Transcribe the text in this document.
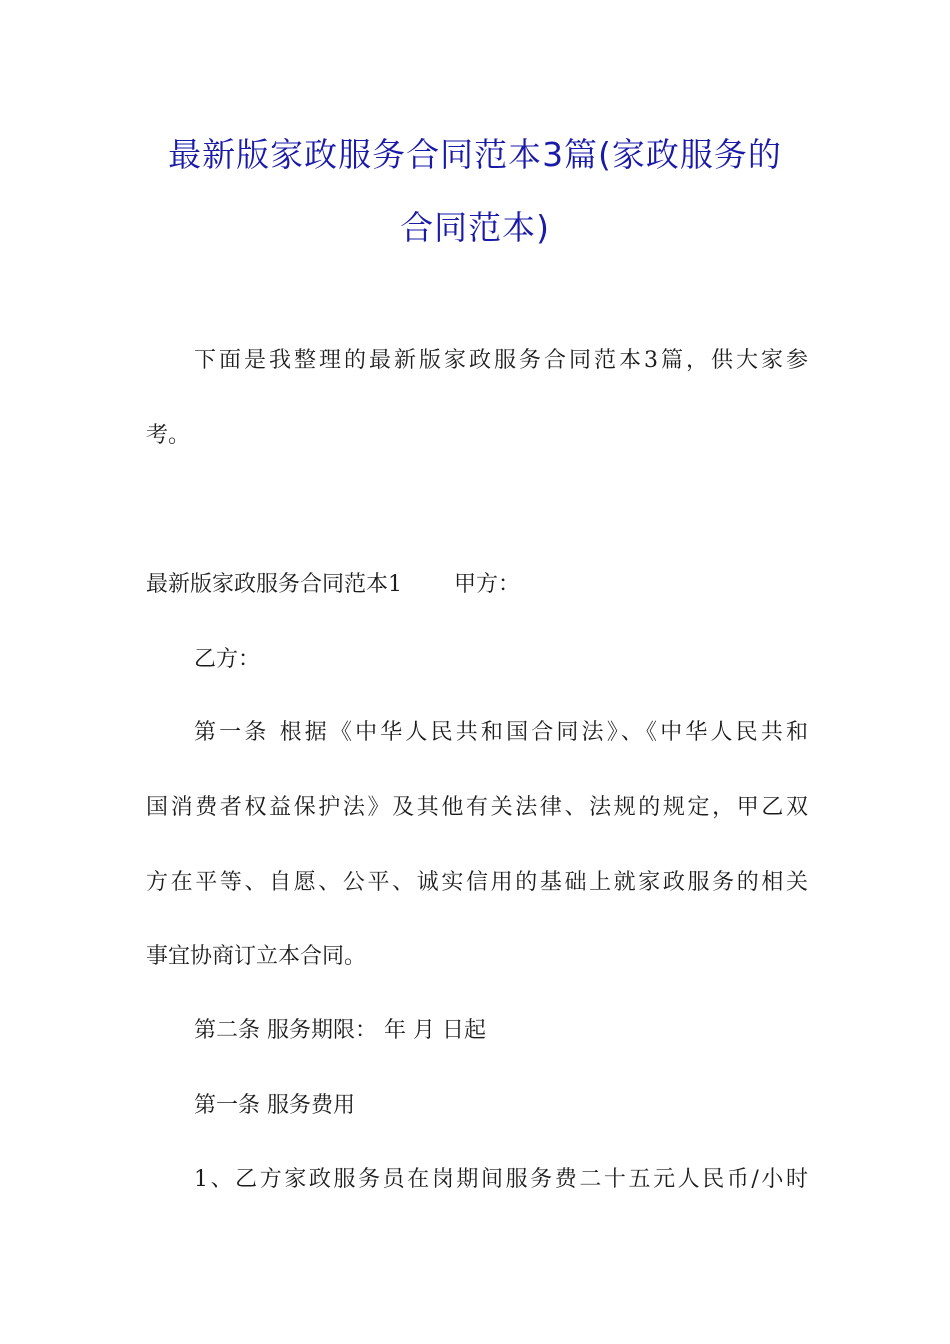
最新版家政服务合同范本3篇(家政服务的
合同范本)
下面是我整理的最新版家政服务合同范本3篇，供大家参
考。
最新版家政服务合同范本1 甲方：
乙方：
第一条 根据《中华人民共和国合同法》、《中华人民共和
国消费者权益保护法》及其他有关法律、法规的规定，甲乙双
方在平等、自愿、公平、诚实信用的基础上就家政服务的相关
事宜协商订立本合同。
第二条 服务期限： 年 月 日起
第一条 服务费用
1、乙方家政服务员在岗期间服务费二十五元人民币/小时
